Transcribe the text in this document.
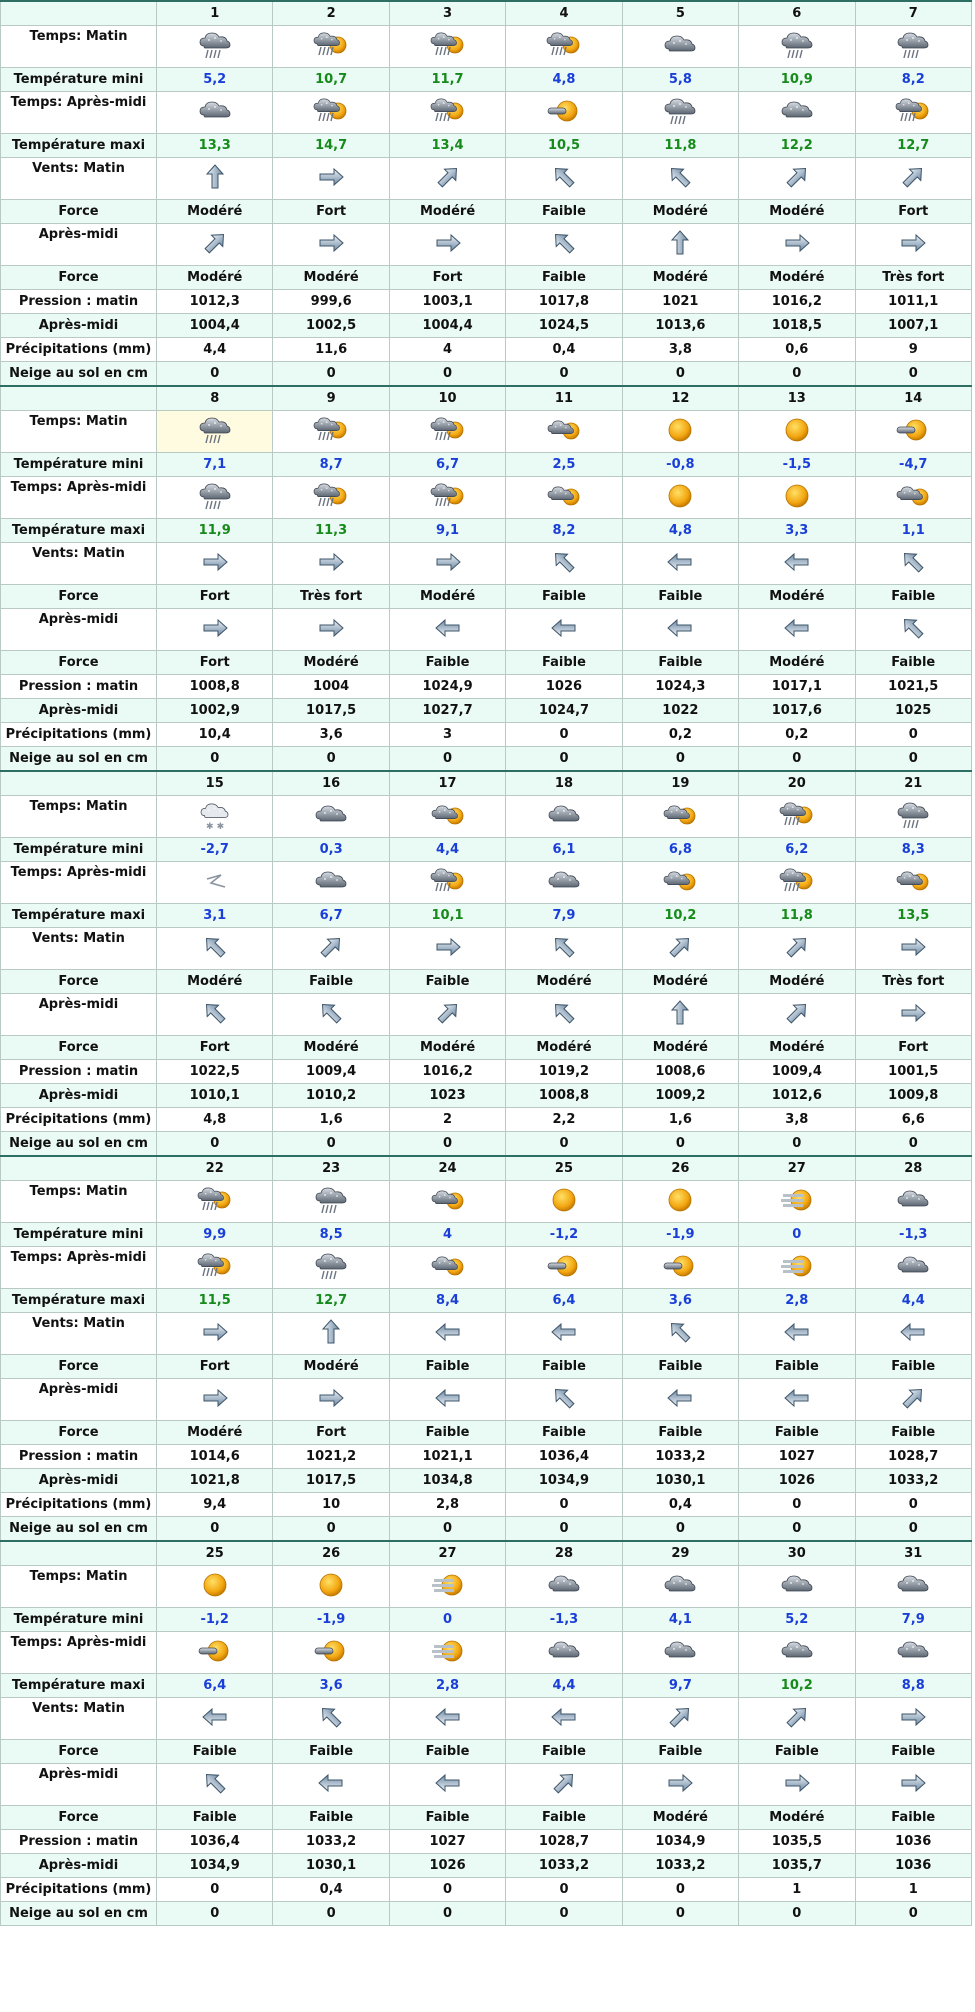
	1	2	3	4	5	6	7
Temps: Matin							
Température mini	5,2	10,7	11,7	4,8	5,8	10,9	8,2
Temps: Après-midi							
Température maxi	13,3	14,7	13,4	10,5	11,8	12,2	12,7
Vents: Matin							
Force	Modéré	Fort	Modéré	Faible	Modéré	Modéré	Fort
Après-midi							
Force	Modéré	Modéré	Fort	Faible	Modéré	Modéré	Très fort
Pression : matin	1012,3	999,6	1003,1	1017,8	1021	1016,2	1011,1
Après-midi	1004,4	1002,5	1004,4	1024,5	1013,6	1018,5	1007,1
Précipitations (mm)	4,4	11,6	4	0,4	3,8	0,6	9
Neige au sol en cm	0	0	0	0	0	0	0
	8	9	10	11	12	13	14
Temps: Matin							
Température mini	7,1	8,7	6,7	2,5	-0,8	-1,5	-4,7
Temps: Après-midi							
Température maxi	11,9	11,3	9,1	8,2	4,8	3,3	1,1
Vents: Matin							
Force	Fort	Très fort	Modéré	Faible	Faible	Modéré	Faible
Après-midi							
Force	Fort	Modéré	Faible	Faible	Faible	Modéré	Faible
Pression : matin	1008,8	1004	1024,9	1026	1024,3	1017,1	1021,5
Après-midi	1002,9	1017,5	1027,7	1024,7	1022	1017,6	1025
Précipitations (mm)	10,4	3,6	3	0	0,2	0,2	0
Neige au sol en cm	0	0	0	0	0	0	0
	15	16	17	18	19	20	21
Temps: Matin	✱ ✱

Température mini	-2,7	0,3	4,4	6,1	6,8	6,2	8,3
Temps: Après-midi							
Température maxi	3,1	6,7	10,1	7,9	10,2	11,8	13,5
Vents: Matin							
Force	Modéré	Faible	Faible	Modéré	Modéré	Modéré	Très fort
Après-midi							
Force	Fort	Modéré	Modéré	Modéré	Modéré	Modéré	Fort
Pression : matin	1022,5	1009,4	1016,2	1019,2	1008,6	1009,4	1001,5
Après-midi	1010,1	1010,2	1023	1008,8	1009,2	1012,6	1009,8
Précipitations (mm)	4,8	1,6	2	2,2	1,6	3,8	6,6
Neige au sol en cm	0	0	0	0	0	0	0
	22	23	24	25	26	27	28
Temps: Matin							
Température mini	9,9	8,5	4	-1,2	-1,9	0	-1,3
Temps: Après-midi							
Température maxi	11,5	12,7	8,4	6,4	3,6	2,8	4,4
Vents: Matin							
Force	Fort	Modéré	Faible	Faible	Faible	Faible	Faible
Après-midi							
Force	Modéré	Fort	Faible	Faible	Faible	Faible	Faible
Pression : matin	1014,6	1021,2	1021,1	1036,4	1033,2	1027	1028,7
Après-midi	1021,8	1017,5	1034,8	1034,9	1030,1	1026	1033,2
Précipitations (mm)	9,4	10	2,8	0	0,4	0	0
Neige au sol en cm	0	0	0	0	0	0	0
	25	26	27	28	29	30	31
Temps: Matin							
Température mini	-1,2	-1,9	0	-1,3	4,1	5,2	7,9
Temps: Après-midi							
Température maxi	6,4	3,6	2,8	4,4	9,7	10,2	8,8
Vents: Matin							
Force	Faible	Faible	Faible	Faible	Faible	Faible	Faible
Après-midi							
Force	Faible	Faible	Faible	Faible	Modéré	Modéré	Faible
Pression : matin	1036,4	1033,2	1027	1028,7	1034,9	1035,5	1036
Après-midi	1034,9	1030,1	1026	1033,2	1033,2	1035,7	1036
Précipitations (mm)	0	0,4	0	0	0	1	1
Neige au sol en cm	0	0	0	0	0	0	0
